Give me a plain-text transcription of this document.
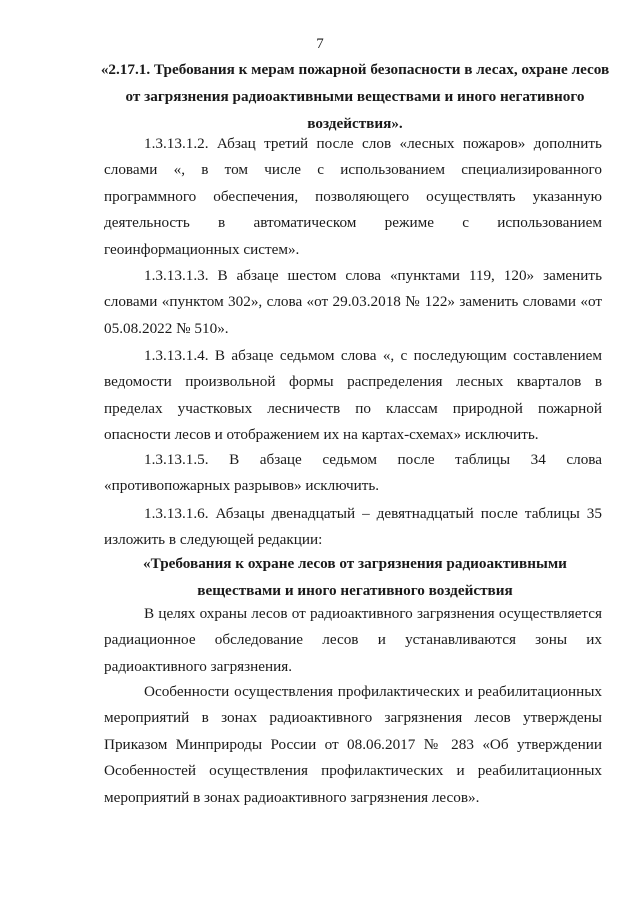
7
«2.17.1. Требования к мерам пожарной безопасности в лесах, охране лесов от загрязнения радиоактивными веществами и иного негативного воздействия».

1.3.13.1.2. Абзац третий после слов «лесных пожаров» дополнить словами «, в том числе с использованием специализированного программного обеспечения, позволяющего осуществлять указанную деятельность в автоматическом режиме с использованием геоинформационных систем».

1.3.13.1.3. В абзаце шестом слова «пунктами 119, 120» заменить словами «пунктом 302», слова «от 29.03.2018 № 122» заменить словами «от 05.08.2022 № 510».

1.3.13.1.4. В абзаце седьмом слова «, с последующим составлением ведомости произвольной формы распределения лесных кварталов в пределах участковых лесничеств по классам природной пожарной опасности лесов и отображением их на картах-схемах» исключить.

1.3.13.1.5. В абзаце седьмом после таблицы 34 слова «противопожарных разрывов» исключить.

1.3.13.1.6. Абзацы двенадцатый – девятнадцатый после таблицы 35 изложить в следующей редакции:

«Требования к охране лесов от загрязнения радиоактивными веществами и иного негативного воздействия

В целях охраны лесов от радиоактивного загрязнения осуществляется радиационное обследование лесов и устанавливаются зоны их радиоактивного загрязнения.

Особенности осуществления профилактических и реабилитационных мероприятий в зонах радиоактивного загрязнения лесов утверждены Приказом Минприроды России от 08.06.2017 № 283 «Об утверждении Особенностей осуществления профилактических и реабилитационных мероприятий в зонах радиоактивного загрязнения лесов».
